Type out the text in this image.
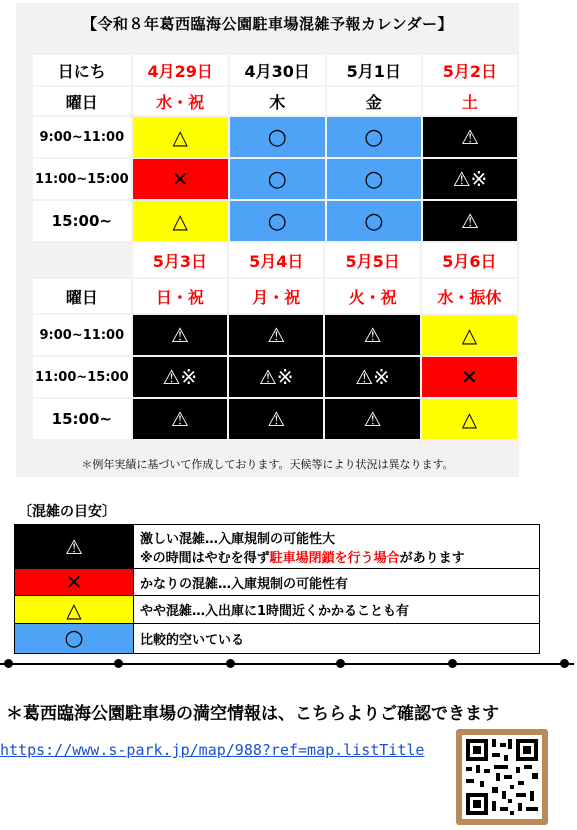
【令和８年葛西臨海公園駐車場混雑予報カレンダー】
日にち	4月29日	4月30日	5月1日	5月2日
曜日	水・祝	木	金	土
9:00~11:00	△	○	○	⚠
11:00~15:00	✕	○	○	⚠※
15:00~	△	○	○	⚠
	5月3日	5月4日	5月5日	5月6日
曜日	日・祝	月・祝	火・祝	水・振休
9:00~11:00	⚠	⚠	⚠	△
11:00~15:00	⚠※	⚠※	⚠※	✕
15:00~	⚠	⚠	⚠	△
＊例年実績に基づいて作成しております。天候等により状況は異なります。
〔混雑の目安〕
⚠	激しい混雑…入庫規制の可能性大
※の時間はやむを得ず駐車場閉鎖を行う場合があります

✕	かなりの混雑…入庫規制の可能性有
△	やや混雑…入出庫に1時間近くかかることも有
○	比較的空いている
＊葛西臨海公園駐車場の満空情報は、こちらよりご確認できます
https://www.s-park.jp/map/988?ref=map.listTitle
